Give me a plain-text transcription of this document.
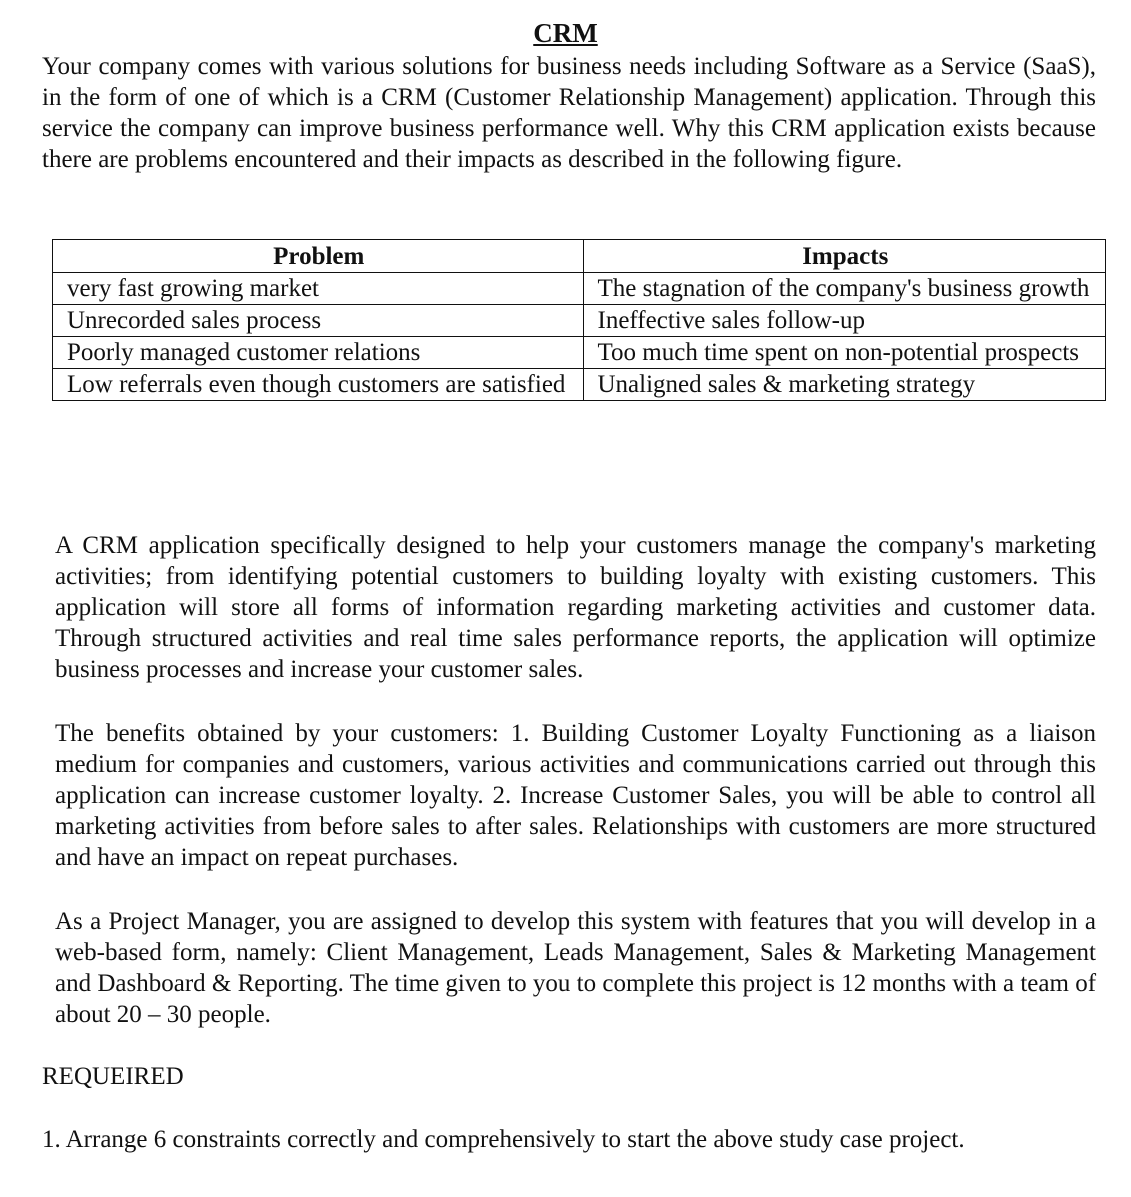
CRM

Your company comes with various solutions for business needs including Software as a Service (SaaS), in the form of one of which is a CRM (Customer Relationship Management) application. Through this service the company can improve business performance well. Why this CRM application exists because there are problems encountered and their impacts as described in the following figure.

Problem	Impacts
very fast growing market	The stagnation of the company's business growth
Unrecorded sales process	Ineffective sales follow-up
Poorly managed customer relations	Too much time spent on non-potential prospects
Low referrals even though customers are satisfied	Unaligned sales & marketing strategy

A CRM application specifically designed to help your customers manage the company's marketing activities; from identifying potential customers to building loyalty with existing customers. This application will store all forms of information regarding marketing activities and customer data. Through structured activities and real time sales performance reports, the application will optimize business processes and increase your customer sales.

The benefits obtained by your customers: 1. Building Customer Loyalty Functioning as a liaison medium for companies and customers, various activities and communications carried out through this application can increase customer loyalty. 2. Increase Customer Sales, you will be able to control all marketing activities from before sales to after sales. Relationships with customers are more structured and have an impact on repeat purchases.

As a Project Manager, you are assigned to develop this system with features that you will develop in a web-based form, namely: Client Management, Leads Management, Sales & Marketing Management and Dashboard & Reporting. The time given to you to complete this project is 12 months with a team of about 20 – 30 people.

REQUEIRED
1. Arrange 6 constraints correctly and comprehensively to start the above study case project.
